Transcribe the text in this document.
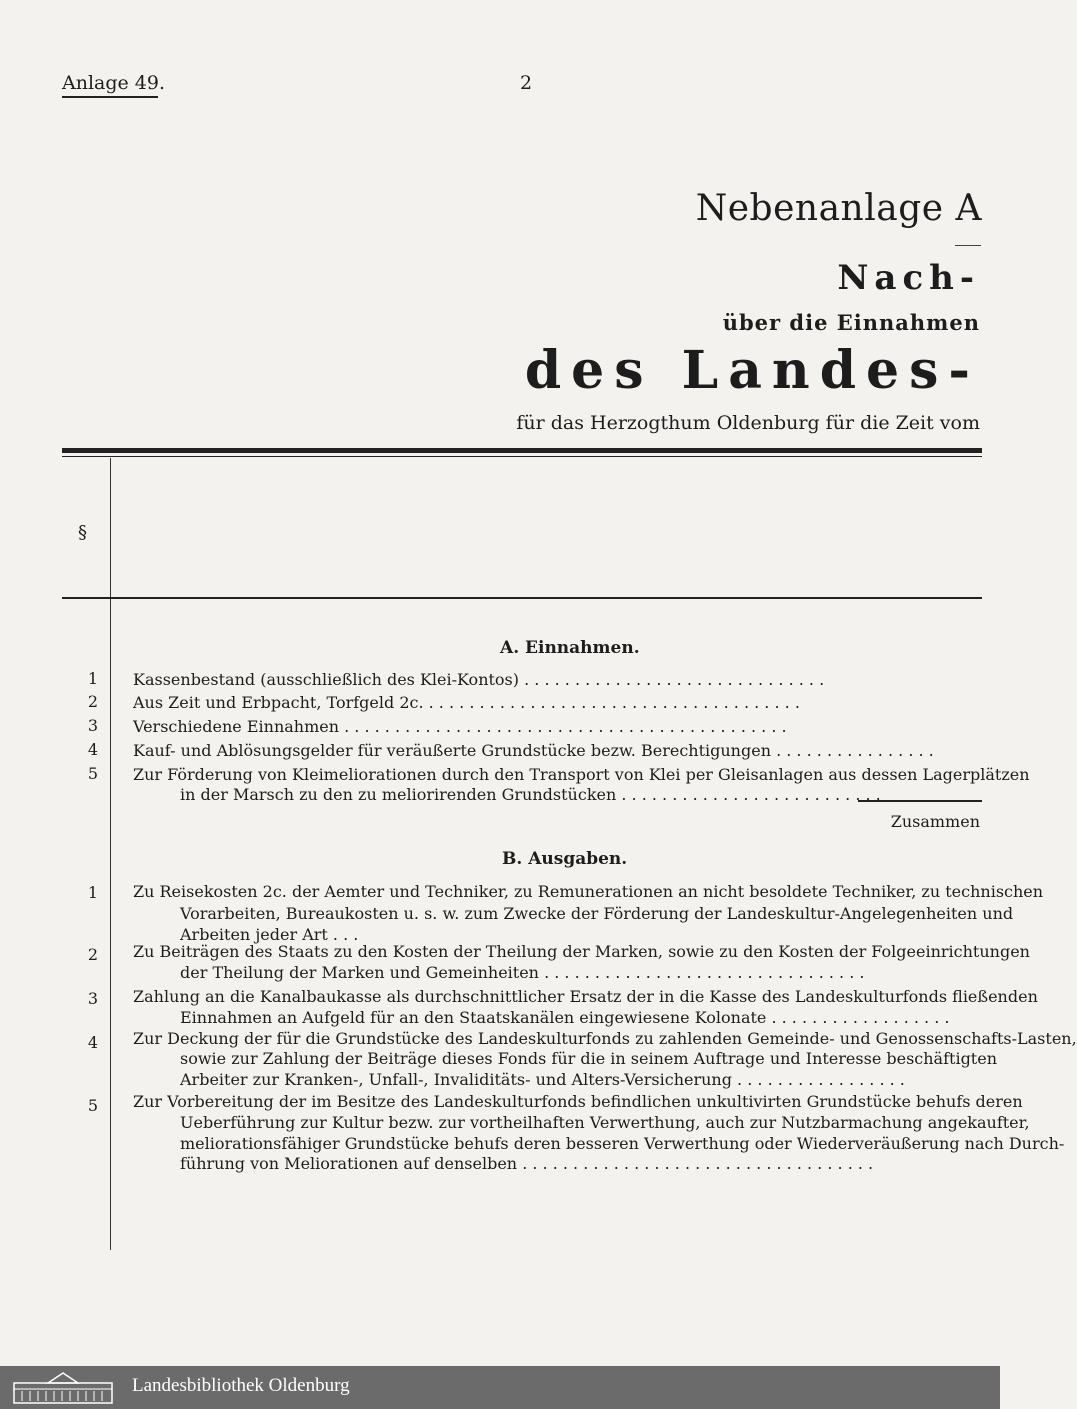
Anlage 49.	2
Nebenanlage A
Nach-
über die Einnahmen
des Landes-
für das Herzogthum Oldenburg für die Zeit vom
§
A. Einnahmen.
1	Kassenbestand (ausschließlich des Klei-Kontos) . . . . . . . . . . . . . . . . . . . . . . . . . . . . . .
2	Aus Zeit und Erbpacht, Torfgeld 2c. . . . . . . . . . . . . . . . . . . . . . . . . . . . . . . . . . . . . .
3	Verschiedene Einnahmen . . . . . . . . . . . . . . . . . . . . . . . . . . . . . . . . . . . . . . . . . . . .
4	Kauf- und Ablösungsgelder für veräußerte Grundstücke bezw. Berechtigungen . . . . . . . . . . . . . . . .
5	Zur Förderung von Kleimeliorationen durch den Transport von Klei per Gleisanlagen aus dessen Lagerplätzen
in der Marsch zu den zu meliorirenden Grundstücken . . . . . . . . . . . . . . . . . . . . . . . . . .
Zusammen
B. Ausgaben.
1	Zu Reisekosten 2c. der Aemter und Techniker, zu Remunerationen an nicht besoldete Techniker, zu technischen
Vorarbeiten, Bureaukosten u. s. w. zum Zwecke der Förderung der Landeskultur-Angelegenheiten und
Arbeiten jeder Art . . .
2	Zu Beiträgen des Staats zu den Kosten der Theilung der Marken, sowie zu den Kosten der Folgeeinrichtungen
der Theilung der Marken und Gemeinheiten . . . . . . . . . . . . . . . . . . . . . . . . . . . . . . . .
3	Zahlung an die Kanalbaukasse als durchschnittlicher Ersatz der in die Kasse des Landeskulturfonds fließenden
Einnahmen an Aufgeld für an den Staatskanälen eingewiesene Kolonate . . . . . . . . . . . . . . . . . .
4	Zur Deckung der für die Grundstücke des Landeskulturfonds zu zahlenden Gemeinde- und Genossenschafts-Lasten,
sowie zur Zahlung der Beiträge dieses Fonds für die in seinem Auftrage und Interesse beschäftigten
Arbeiter zur Kranken-, Unfall-, Invaliditäts- und Alters-Versicherung . . . . . . . . . . . . . . . . .
5	Zur Vorbereitung der im Besitze des Landeskulturfonds befindlichen unkultivirten Grundstücke behufs deren
Ueberführung zur Kultur bezw. zur vortheilhaften Verwerthung, auch zur Nutzbarmachung angekaufter,
meliorationsfähiger Grundstücke behufs deren besseren Verwerthung oder Wiederveräußerung nach Durch-
führung von Meliorationen auf denselben . . . . . . . . . . . . . . . . . . . . . . . . . . . . . . . . . . .
Landesbibliothek Oldenburg
